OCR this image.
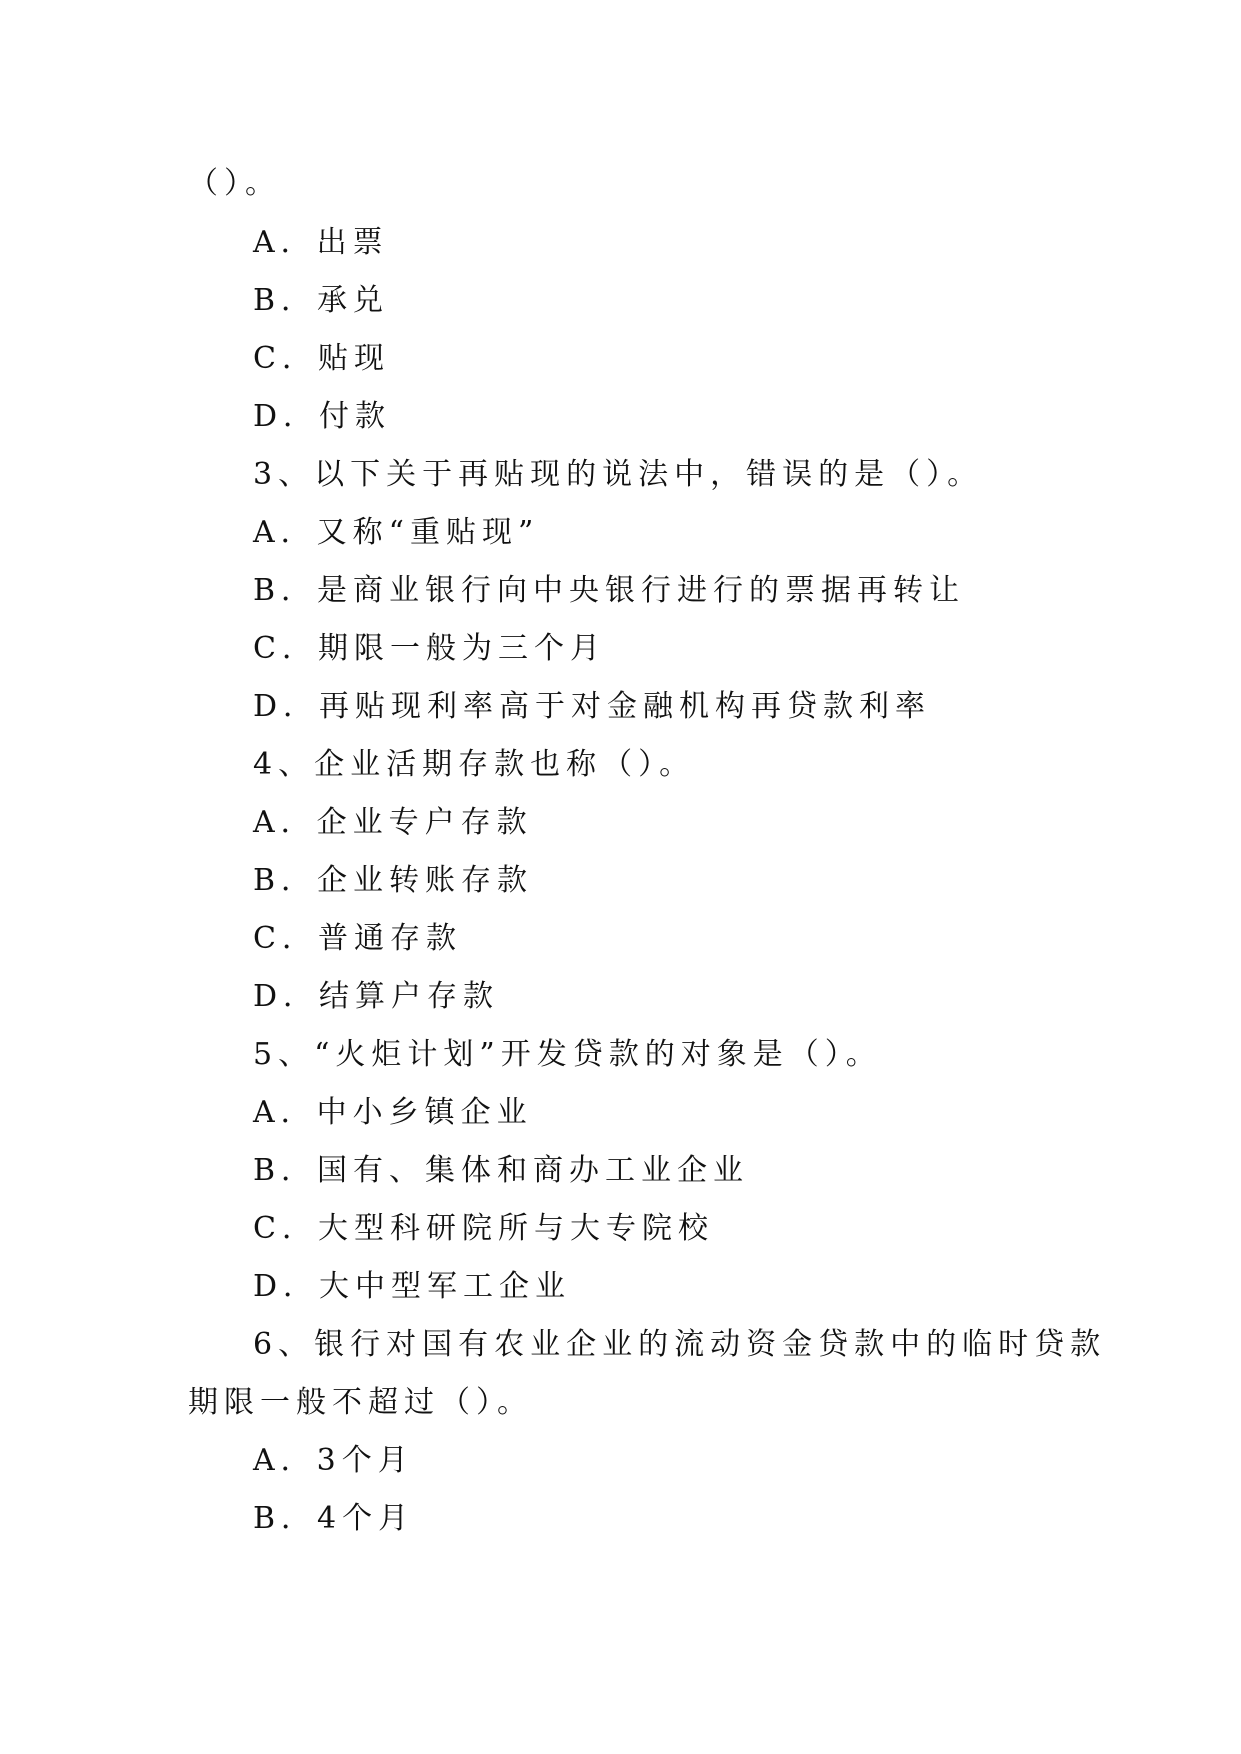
（）。
A．出票
B．承兑
C．贴现
D．付款
3、以下关于再贴现的说法中，错误的是（）。
A．又称“重贴现”
B．是商业银行向中央银行进行的票据再转让
C．期限一般为三个月
D．再贴现利率高于对金融机构再贷款利率
4、企业活期存款也称（）。
A．企业专户存款
B．企业转账存款
C．普通存款
D．结算户存款
5、“火炬计划”开发贷款的对象是（）。
A．中小乡镇企业
B．国有、集体和商办工业企业
C．大型科研院所与大专院校
D．大中型军工企业
6、银行对国有农业企业的流动资金贷款中的临时贷款
期限一般不超过（）。
A．3个月
B．4个月
